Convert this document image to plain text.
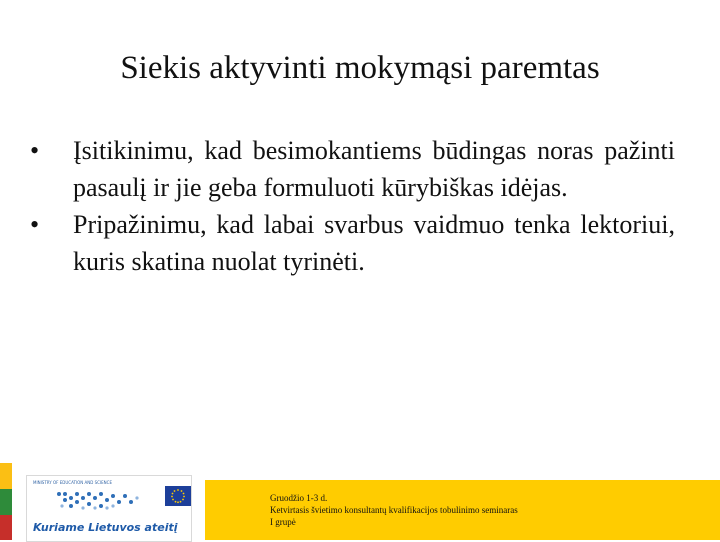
Siekis aktyvinti mokymąsi paremtas
•	Įsitikinimu, kad besimokantiems būdingas noras pažinti pasaulį ir jie geba formuluoti kūrybiškas idėjas.
•	Pripažinimu, kad labai svarbus vaidmuo tenka lektoriui, kuris skatina nuolat tyrinėti.
MINISTRY OF EDUCATION AND SCIENCE
Kuriame Lietuvos ateitį
Gruodžio 1-3 d.
Ketvirtasis švietimo konsultantų kvalifikacijos tobulinimo seminaras
I grupė
